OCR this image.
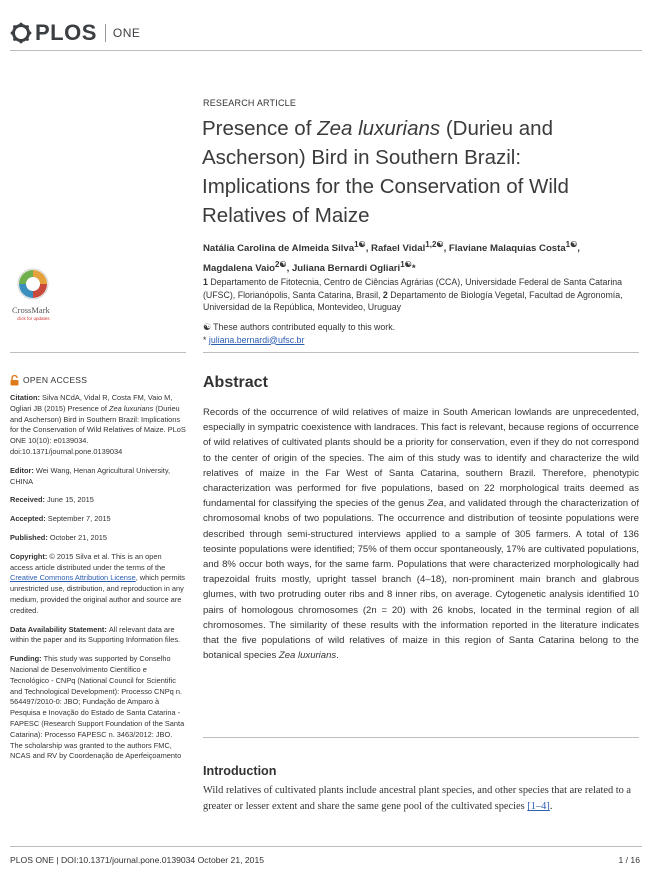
PLOS ONE
RESEARCH ARTICLE
Presence of Zea luxurians (Durieu and Ascherson) Bird in Southern Brazil: Implications for the Conservation of Wild Relatives of Maize
Natália Carolina de Almeida Silva$^{1☯}$, Rafael Vidal$^{1,2☯}$, Flaviane Malaquias Costa$^{1☯}$,
Magdalena Vaio$^{2☯}$, Juliana Bernardi Ogliari$^{1☯}$*
1 Departamento de Fitotecnia, Centro de Ciências Agrárias (CCA), Universidade Federal de Santa Catarina (UFSC), Florianópolis, Santa Catarina, Brasil, 2 Departamento de Biología Vegetal, Facultad de Agronomía, Universidad de la República, Montevideo, Uruguay
☯ These authors contributed equally to this work.
* juliana.bernardi@ufsc.br
CrossMark
click for updates
OPEN ACCESS
Citation: Silva NCdA, Vidal R, Costa FM, Vaio M, Ogliari JB (2015) Presence of Zea luxurians (Durieu and Ascherson) Bird in Southern Brazil: Implications for the Conservation of Wild Relatives of Maize. PLoS ONE 10(10): e0139034. doi:10.1371/journal.pone.0139034
Editor: Wei Wang, Henan Agricultural University, CHINA
Received: June 15, 2015
Accepted: September 7, 2015
Published: October 21, 2015
Copyright: © 2015 Silva et al. This is an open access article distributed under the terms of the Creative Commons Attribution License, which permits unrestricted use, distribution, and reproduction in any medium, provided the original author and source are credited.
Data Availability Statement: All relevant data are within the paper and its Supporting Information files.
Funding: This study was supported by Conselho Nacional de Desenvolvimento Científico e Tecnológico - CNPq (National Council for Scientific and Technological Development): Processo CNPq n. 564497/2010-0: JBO; Fundação de Amparo à Pesquisa e Inovação do Estado de Santa Catarina - FAPESC (Research Support Foundation of the Santa Catarina): Processo FAPESC n. 3463/2012: JBO. The scholarship was granted to the authors FMC, NCAS and RV by Coordenação de Aperfeiçoamento
Abstract

Records of the occurrence of wild relatives of maize in South American lowlands are unprecedented, especially in sympatric coexistence with landraces. This fact is relevant, because regions of occurrence of wild relatives of cultivated plants should be a priority for conservation, even if they do not correspond to the center of origin of the species. The aim of this study was to identify and characterize the wild relatives of maize in the Far West of Santa Catarina, southern Brazil. Therefore, phenotypic characterization was performed for five populations, based on 22 morphological traits deemed as fundamental for classifying the species of the genus Zea, and validated through the characterization of chromosomal knobs of two populations. The occurrence and distribution of teosinte populations were described through semi-structured interviews applied to a sample of 305 farmers. A total of 136 teosinte populations were identified; 75% of them occur spontaneously, 17% are cultivated populations, and 8% occur both ways, for the same farm. Populations that were characterized morphologically had trapezoidal fruits mostly, upright tassel branch (4–18), non-prominent main branch and glabrous glumes, with two protruding outer ribs and 8 inner ribs, on average. Cytogenetic analysis identified 10 pairs of homologous chromosomes (2n = 20) with 26 knobs, located in the terminal region of all chromosomes. The similarity of these results with the information reported in the literature indicates that the five populations of wild relatives of maize in this region of Santa Catarina belong to the botanical species Zea luxurians.

Introduction

Wild relatives of cultivated plants include ancestral plant species, and other species that are related to a greater or lesser extent and share the same gene pool of the cultivated species [1–4].

PLOS ONE | DOI:10.1371/journal.pone.0139034 October 21, 2015	1 / 16
